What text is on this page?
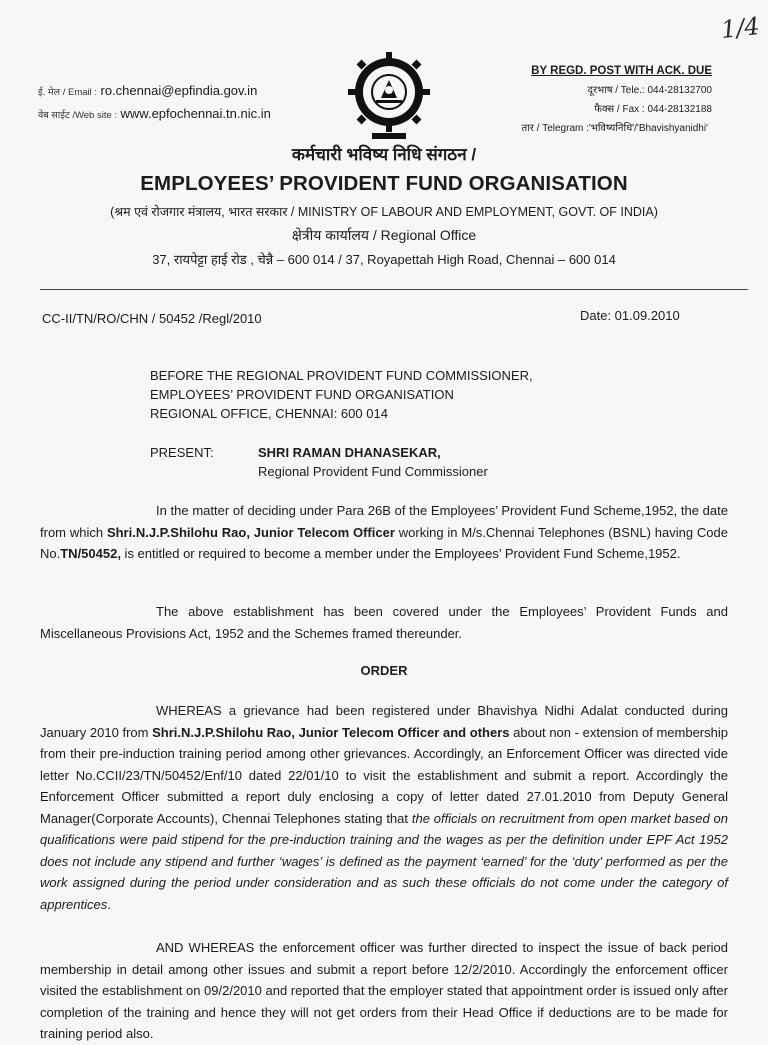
1/4
ई. मेल / Email : ro.chennai@epfindia.gov.in
वेब साईट /Web site : www.epfochennai.tn.nic.in
BY REGD. POST WITH ACK. DUE
दूरभाष / Tele.: 044-28132700
फैक्स / Fax : 044-28132188
तार / Telegram :'भविष्यनिधि'/'Bhavishyanidhi'
कर्मचारी भविष्य निधि संगठन /
EMPLOYEES’ PROVIDENT FUND ORGANISATION
(श्रम एवं रोजगार मंत्रालय, भारत सरकार / MINISTRY OF LABOUR AND EMPLOYMENT, GOVT. OF INDIA)
क्षेत्रीय कार्यालय / Regional Office
37, रायपेट्टा हाई रोड , चेन्नै – 600 014 / 37, Royapettah High Road, Chennai – 600 014
CC-II/TN/RO/CHN / 50452 /Regl/2010	Date: 01.09.2010
BEFORE THE REGIONAL PROVIDENT FUND COMMISSIONER,
EMPLOYEES’ PROVIDENT FUND ORGANISATION
REGIONAL OFFICE, CHENNAI: 600 014
PRESENT:	SHRI RAMAN DHANASEKAR,
Regional Provident Fund Commissioner
In the matter of deciding under Para 26B of the Employees’ Provident Fund Scheme,1952, the date from which Shri.N.J.P.Shilohu Rao, Junior Telecom Officer working in M/s.Chennai Telephones (BSNL) having Code No.TN/50452, is entitled or required to become a member under the Employees’ Provident Fund Scheme,1952.
The above establishment has been covered under the Employees’ Provident Funds and Miscellaneous Provisions Act, 1952 and the Schemes framed thereunder.
ORDER
WHEREAS a grievance had been registered under Bhavishya Nidhi Adalat conducted during January 2010 from Shri.N.J.P.Shilohu Rao, Junior Telecom Officer and others about non - extension of membership from their pre-induction training period among other grievances. Accordingly, an Enforcement Officer was directed vide letter No.CCII/23/TN/50452/Enf/10 dated 22/01/10 to visit the establishment and submit a report. Accordingly the Enforcement Officer submitted a report duly enclosing a copy of letter dated 27.01.2010 from Deputy General Manager(Corporate Accounts), Chennai Telephones stating that the officials on recruitment from open market based on qualifications were paid stipend for the pre-induction training and the wages as per the definition under EPF Act 1952 does not include any stipend and further ‘wages’ is defined as the payment ‘earned’ for the ‘duty’ performed as per the work assigned during the period under consideration and as such these officials do not come under the category of apprentices.
AND WHEREAS the enforcement officer was further directed to inspect the issue of back period membership in detail among other issues and submit a report before 12/2/2010. Accordingly the enforcement officer visited the establishment on 09/2/2010 and reported that the employer stated that appointment order is issued only after completion of the training and hence they will not get orders from their Head Office if deductions are to be made for training period also.
